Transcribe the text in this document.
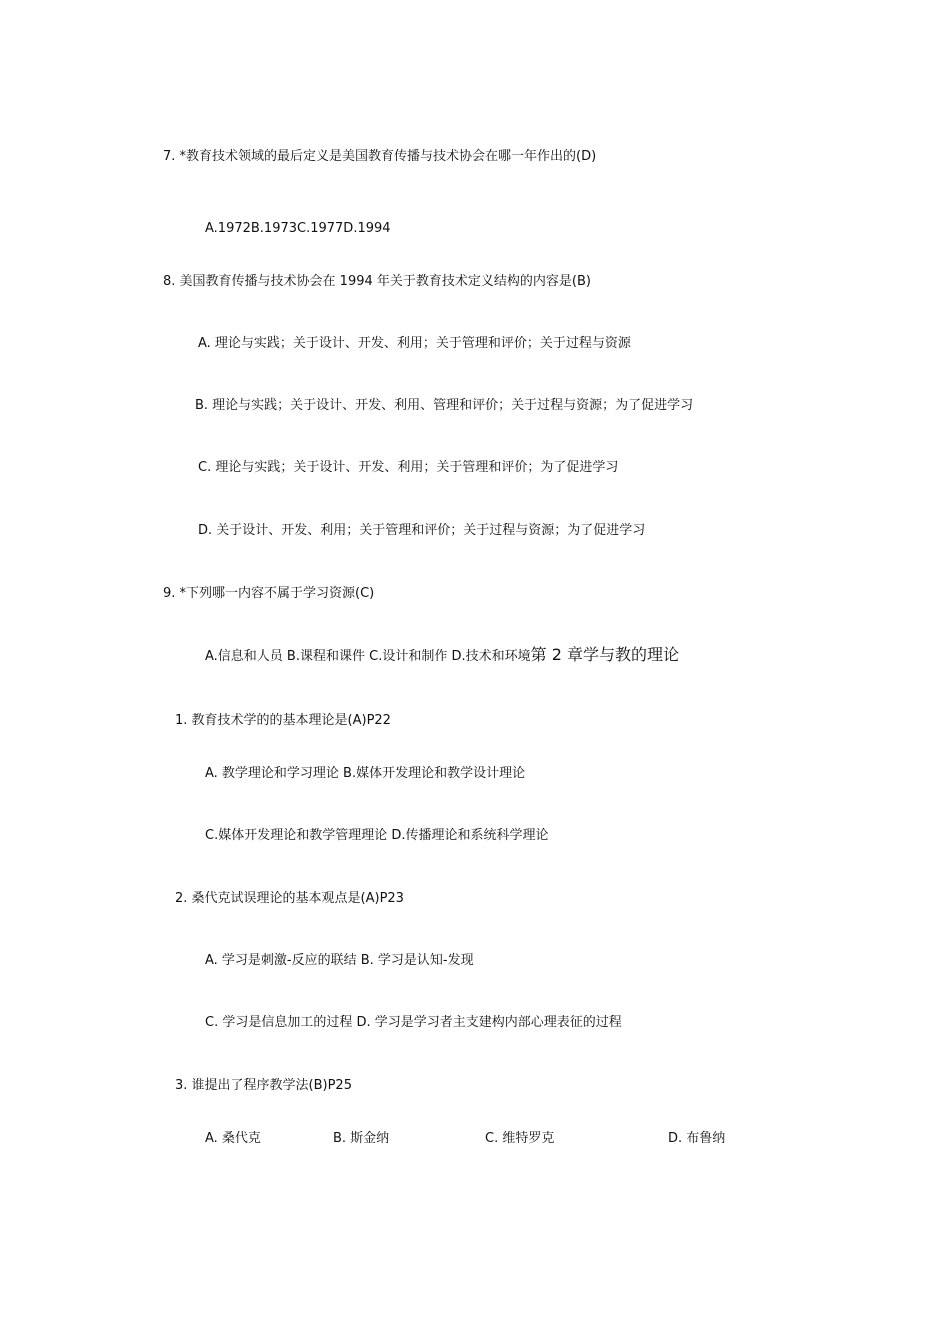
7. *教育技术领域的最后定义是美国教育传播与技术协会在哪一年作出的(D)
A.1972B.1973C.1977D.1994
8. 美国教育传播与技术协会在 1994 年关于教育技术定义结构的内容是(B)
A. 理论与实践；关于设计、开发、利用；关于管理和评价；关于过程与资源
B. 理论与实践；关于设计、开发、利用、管理和评价；关于过程与资源；为了促进学习
C. 理论与实践；关于设计、开发、利用；关于管理和评价；为了促进学习
D. 关于设计、开发、利用；关于管理和评价；关于过程与资源；为了促进学习
9. *下列哪一内容不属于学习资源(C)
A.信息和人员 B.课程和课件 C.设计和制作 D.技术和环境第 2 章学与教的理论
1. 教育技术学的的基本理论是(A)P22
A. 教学理论和学习理论 B.媒体开发理论和教学设计理论
C.媒体开发理论和教学管理理论 D.传播理论和系统科学理论
2. 桑代克试误理论的基本观点是(A)P23
A. 学习是刺激-反应的联结 B. 学习是认知-发现
C. 学习是信息加工的过程 D. 学习是学习者主支建构内部心理表征的过程
3. 谁提出了程序教学法(B)P25
A. 桑代克	B. 斯金纳	C. 维特罗克	D. 布鲁纳
